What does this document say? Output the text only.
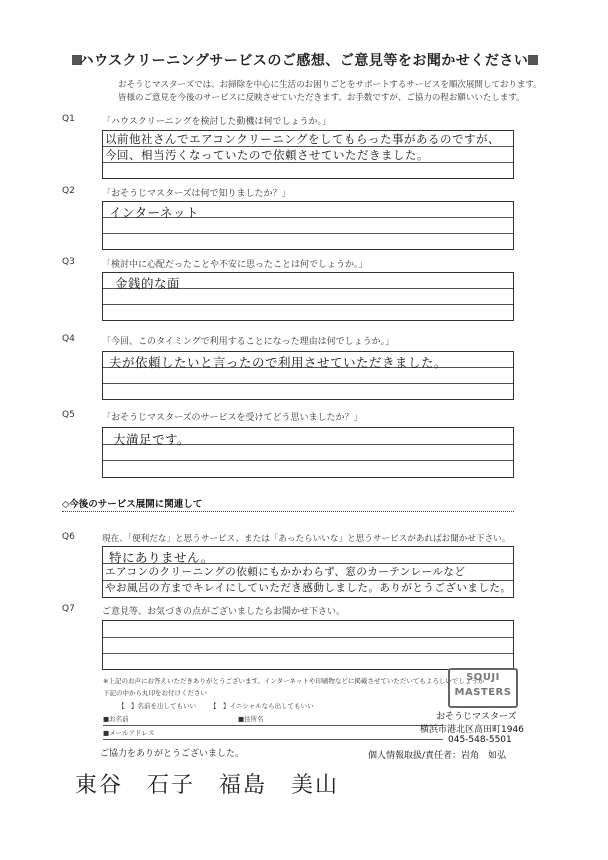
ハウスクリーニングサービスのご感想、ご意見等をお聞かせください
おそうじマスターズでは、お掃除を中心に生活のお困りごとをサポートするサービスを順次展開しております。
皆様のご意見を今後のサービスに反映させていただきます。お手数ですが、ご協力の程お願いいたします。
Q1	「ハウスクリーニングを検討した動機は何でしょうか。」
以前他社さんでエアコンクリーニングをしてもらった事があるのですが、
今回、相当汚くなっていたので依頼させていただきました。
Q2	「おそうじマスターズは何で知りましたか？」
インターネット
Q3	「検討中に心配だったことや不安に思ったことは何でしょうか。」
金銭的な面
Q4	「今回、このタイミングで利用することになった理由は何でしょうか。」
夫が依頼したいと言ったので利用させていただきました。
Q5	「おそうじマスターズのサービスを受けてどう思いましたか？」
大満足です。
◇今後のサービス展開に関連して
Q6	現在、「便利だな」と思うサービス、または「あったらいいな」と思うサービスがあればお聞かせ下さい。
特にありません。
エアコンのクリーニングの依頼にもかかわらず、窓のカーテンレールなど
やお風呂の方までキレイにしていただき感動しました。ありがとうございました。
Q7	ご意見等、お気づきの点がございましたらお聞かせ下さい。
※上記のお声にお答えいただきありがとうございます。インターネットや印刷物などに掲載させていただいてもよろしいでしょうか
下記の中から丸印をお付けください
【　】名前を出してもいい 【　】イニシャルなら出してもいい
■お名前	■住所名
■メールアドレス
SOUJI
MASTERS
おそうじマスターズ
横浜市港北区高田町1946
045-548-5501
個人情報取扱/責任者：岩角　如弘
ご協力をありがとうございました。
東谷　石子　福島　美山
